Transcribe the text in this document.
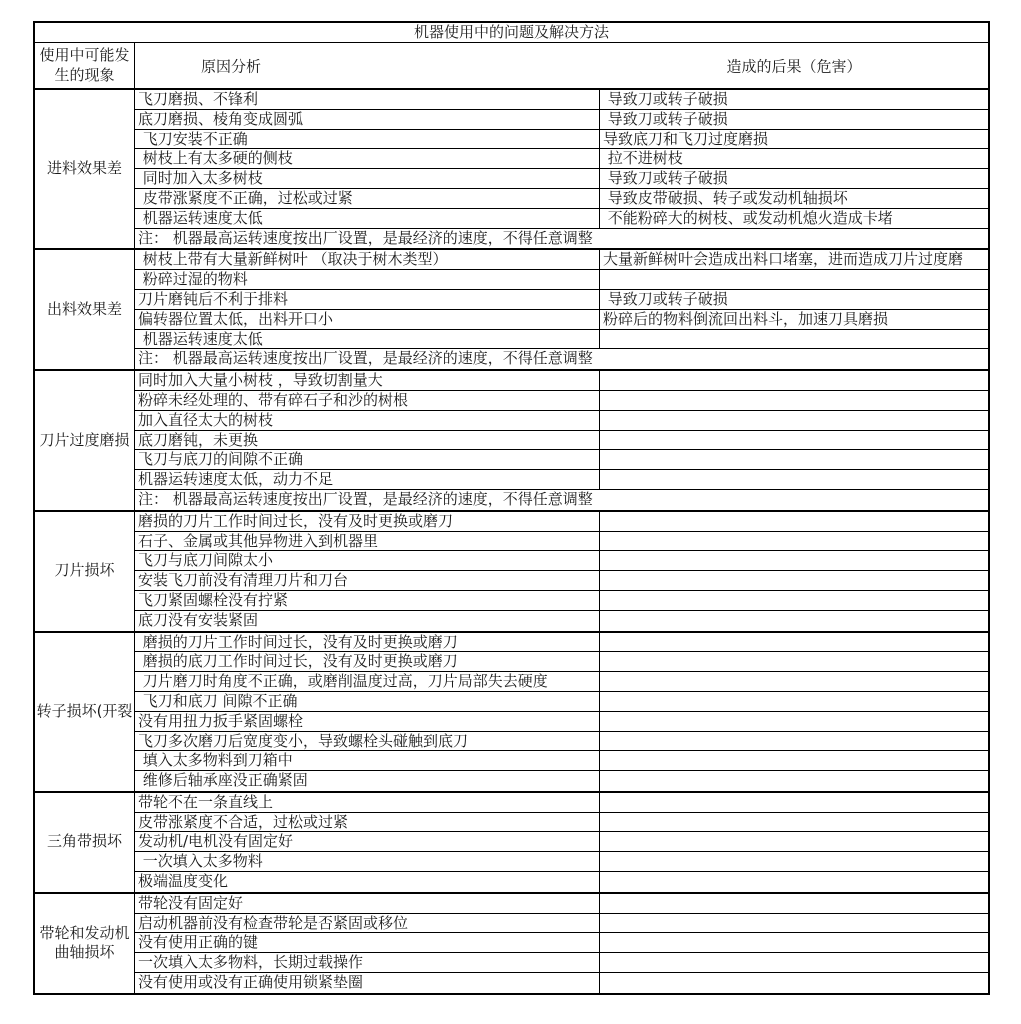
机器使用中的问题及解决方法
使用中可能发生的现象	原因分析	造成的后果（危害）
进料效果差
飞刀磨损、不锋利	导致刀或转子破损
底刀磨损、棱角变成圆弧	导致刀或转子破损
飞刀安装不正确	导致底刀和飞刀过度磨损
树枝上有太多硬的侧枝	拉不进树枝
同时加入太多树枝	导致刀或转子破损
皮带涨紧度不正确，过松或过紧	导致皮带破损、转子或发动机轴损坏
机器运转速度太低	不能粉碎大的树枝、或发动机熄火造成卡堵
注： 机器最高运转速度按出厂设置，是最经济的速度，不得任意调整
出料效果差
树枝上带有大量新鲜树叶 （取决于树木类型）	大量新鲜树叶会造成出料口堵塞，进而造成刀片过度磨
粉碎过湿的物料
刀片磨钝后不利于排料	导致刀或转子破损
偏转器位置太低，出料开口小	粉碎后的物料倒流回出料斗，加速刀具磨损
机器运转速度太低
注： 机器最高运转速度按出厂设置，是最经济的速度，不得任意调整
刀片过度磨损
同时加入大量小树枝 ，导致切割量大
粉碎未经处理的、带有碎石子和沙的树根
加入直径太大的树枝
底刀磨钝，未更换
飞刀与底刀的间隙不正确
机器运转速度太低，动力不足
注： 机器最高运转速度按出厂设置，是最经济的速度，不得任意调整
刀片损坏
磨损的刀片工作时间过长，没有及时更换或磨刀
石子、金属或其他异物进入到机器里
飞刀与底刀间隙太小
安装飞刀前没有清理刀片和刀台
飞刀紧固螺栓没有拧紧
底刀没有安装紧固
转子损坏(开裂
磨损的刀片工作时间过长，没有及时更换或磨刀
磨损的底刀工作时间过长，没有及时更换或磨刀
刀片磨刀时角度不正确，或磨削温度过高，刀片局部失去硬度
飞刀和底刀 间隙不正确
没有用扭力扳手紧固螺栓
飞刀多次磨刀后宽度变小，导致螺栓头碰触到底刀
填入太多物料到刀箱中
维修后轴承座没正确紧固
三角带损坏
带轮不在一条直线上
皮带涨紧度不合适，过松或过紧
发动机/电机没有固定好
一次填入太多物料
极端温度变化
带轮和发动机曲轴损坏
带轮没有固定好
启动机器前没有检查带轮是否紧固或移位
没有使用正确的键
一次填入太多物料，长期过载操作
没有使用或没有正确使用锁紧垫圈
